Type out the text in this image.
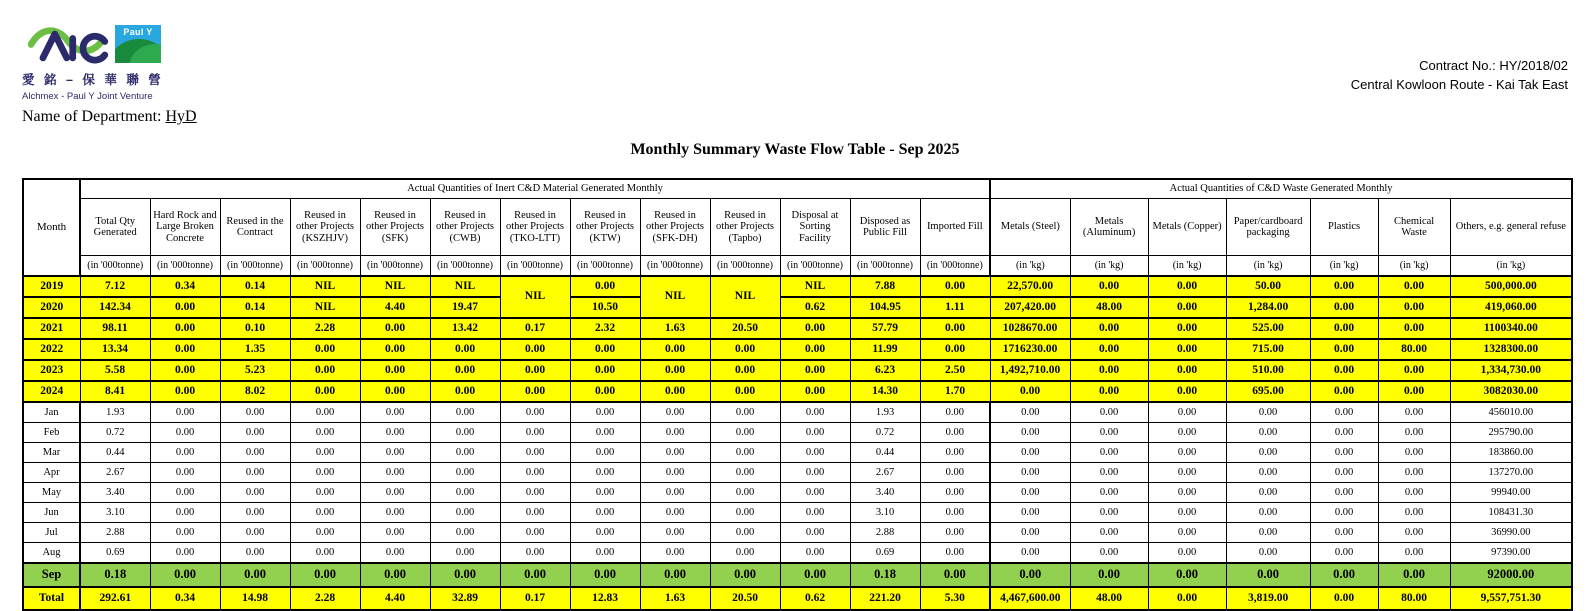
Paul Y
愛 銘 – 保 華 聯 營
Alchmex - Paul Y Joint Venture
Contract No.: HY/2018/02
Central Kowloon Route - Kai Tak East
Name of Department: HyD
Monthly Summary Waste Flow Table - Sep 2025
Month	Actual Quantities of Inert C&D Material Generated Monthly													Actual Quantities of C&D Waste Generated Monthly						
	Total Qty Generated	Hard Rock and Large Broken Concrete	Reused in the Contract	Reused in other Projects (KSZHJV)	Reused in other Projects (SFK)	Reused in other Projects (CWB)	Reused in other Projects (TKO-LTT)	Reused in other Projects (KTW)	Reused in other Projects (SFK-DH)	Reused in other Projects (Tapbo)	Disposal at Sorting Facility	Disposed as Public Fill	Imported Fill	Metals (Steel)	Metals (Aluminum)	Metals (Copper)	Paper/cardboard packaging	Plastics	Chemical Waste	Others, e.g. general refuse
	(in '000tonne)	(in '000tonne)	(in '000tonne)	(in '000tonne)	(in '000tonne)	(in '000tonne)	(in '000tonne)	(in '000tonne)	(in '000tonne)	(in '000tonne)	(in '000tonne)	(in '000tonne)	(in '000tonne)	(in 'kg)	(in 'kg)	(in 'kg)	(in 'kg)	(in 'kg)	(in 'kg)	(in 'kg)
2019	7.12	0.34	0.14	NIL	NIL	NIL	NIL	0.00	NIL	NIL	NIL	7.88	0.00	22,570.00	0.00	0.00	50.00	0.00	0.00	500,000.00
2020	142.34	0.00	0.14	NIL	4.40	19.47		10.50			0.62	104.95	1.11	207,420.00	48.00	0.00	1,284.00	0.00	0.00	419,060.00
2021	98.11	0.00	0.10	2.28	0.00	13.42	0.17	2.32	1.63	20.50	0.00	57.79	0.00	1028670.00	0.00	0.00	525.00	0.00	0.00	1100340.00
2022	13.34	0.00	1.35	0.00	0.00	0.00	0.00	0.00	0.00	0.00	0.00	11.99	0.00	1716230.00	0.00	0.00	715.00	0.00	80.00	1328300.00
2023	5.58	0.00	5.23	0.00	0.00	0.00	0.00	0.00	0.00	0.00	0.00	6.23	2.50	1,492,710.00	0.00	0.00	510.00	0.00	0.00	1,334,730.00
2024	8.41	0.00	8.02	0.00	0.00	0.00	0.00	0.00	0.00	0.00	0.00	14.30	1.70	0.00	0.00	0.00	695.00	0.00	0.00	3082030.00
Jan	1.93	0.00	0.00	0.00	0.00	0.00	0.00	0.00	0.00	0.00	0.00	1.93	0.00	0.00	0.00	0.00	0.00	0.00	0.00	456010.00
Feb	0.72	0.00	0.00	0.00	0.00	0.00	0.00	0.00	0.00	0.00	0.00	0.72	0.00	0.00	0.00	0.00	0.00	0.00	0.00	295790.00
Mar	0.44	0.00	0.00	0.00	0.00	0.00	0.00	0.00	0.00	0.00	0.00	0.44	0.00	0.00	0.00	0.00	0.00	0.00	0.00	183860.00
Apr	2.67	0.00	0.00	0.00	0.00	0.00	0.00	0.00	0.00	0.00	0.00	2.67	0.00	0.00	0.00	0.00	0.00	0.00	0.00	137270.00
May	3.40	0.00	0.00	0.00	0.00	0.00	0.00	0.00	0.00	0.00	0.00	3.40	0.00	0.00	0.00	0.00	0.00	0.00	0.00	99940.00
Jun	3.10	0.00	0.00	0.00	0.00	0.00	0.00	0.00	0.00	0.00	0.00	3.10	0.00	0.00	0.00	0.00	0.00	0.00	0.00	108431.30
Jul	2.88	0.00	0.00	0.00	0.00	0.00	0.00	0.00	0.00	0.00	0.00	2.88	0.00	0.00	0.00	0.00	0.00	0.00	0.00	36990.00
Aug	0.69	0.00	0.00	0.00	0.00	0.00	0.00	0.00	0.00	0.00	0.00	0.69	0.00	0.00	0.00	0.00	0.00	0.00	0.00	97390.00
Sep	0.18	0.00	0.00	0.00	0.00	0.00	0.00	0.00	0.00	0.00	0.00	0.18	0.00	0.00	0.00	0.00	0.00	0.00	0.00	92000.00
Total	292.61	0.34	14.98	2.28	4.40	32.89	0.17	12.83	1.63	20.50	0.62	221.20	5.30	4,467,600.00	48.00	0.00	3,819.00	0.00	80.00	9,557,751.30
